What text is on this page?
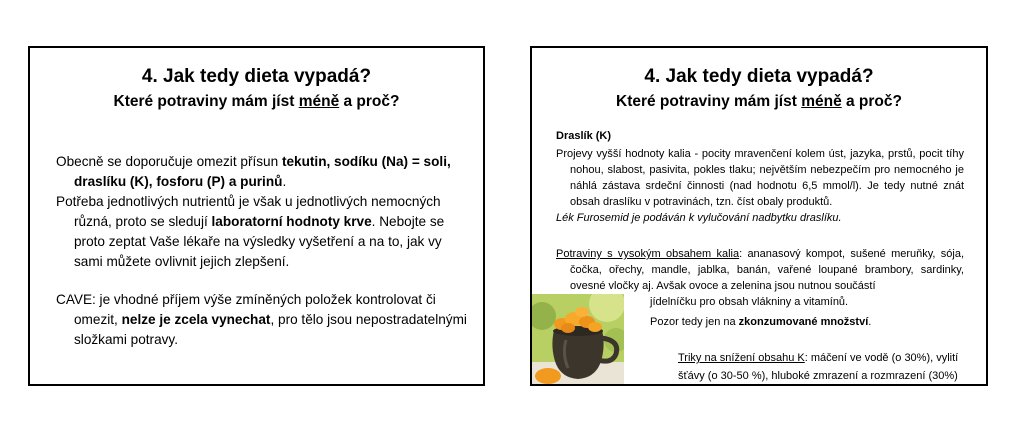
4. Jak tedy dieta vypadá?
Které potraviny mám jíst méně a proč?

Obecně se doporučuje omezit přísun tekutin, sodíku (Na) = soli, draslíku (K), fosforu (P) a purinů.

Potřeba jednotlivých nutrientů je však u jednotlivých nemocných různá, proto se sledují laboratorní hodnoty krve. Nebojte se proto zeptat Vaše lékaře na výsledky vyšetření a na to, jak vy sami můžete ovlivnit jejich zlepšení.

CAVE: je vhodné příjem výše zmíněných položek kontrolovat či omezit, nelze je zcela vynechat, pro tělo jsou nepostradatelnými složkami potravy.

4. Jak tedy dieta vypadá?
Které potraviny mám jíst méně a proč?
Draslík (K)

Projevy vyšší hodnoty kalia - pocity mravenčení kolem úst, jazyka, prstů, pocit tíhy nohou, slabost, pasivita, pokles tlaku; největším nebezpečím pro nemocného je náhlá zástava srdeční činnosti (nad hodnotu 6,5 mmol/l). Je tedy nutné znát obsah draslíku v potravinách, tzn. číst obaly produktů.

Lék Furosemid je podáván k vylučování nadbytku draslíku.

Potraviny s vysokým obsahem kalia: ananasový kompot, sušené meruňky, sója, čočka, ořechy, mandle, jablka, banán, vařené loupané brambory, sardinky, ovesné vločky aj. Avšak ovoce a zelenina jsou nutnou součástí

jídelníčku pro obsah vlákniny a vitamínů.
Pozor tedy jen na zkonzumované množství.
Triky na snížení obsahu K: máčení ve vodě (o 30%), vylití
šťávy (o 30-50 %), hluboké zmrazení a rozmrazení (30%)
